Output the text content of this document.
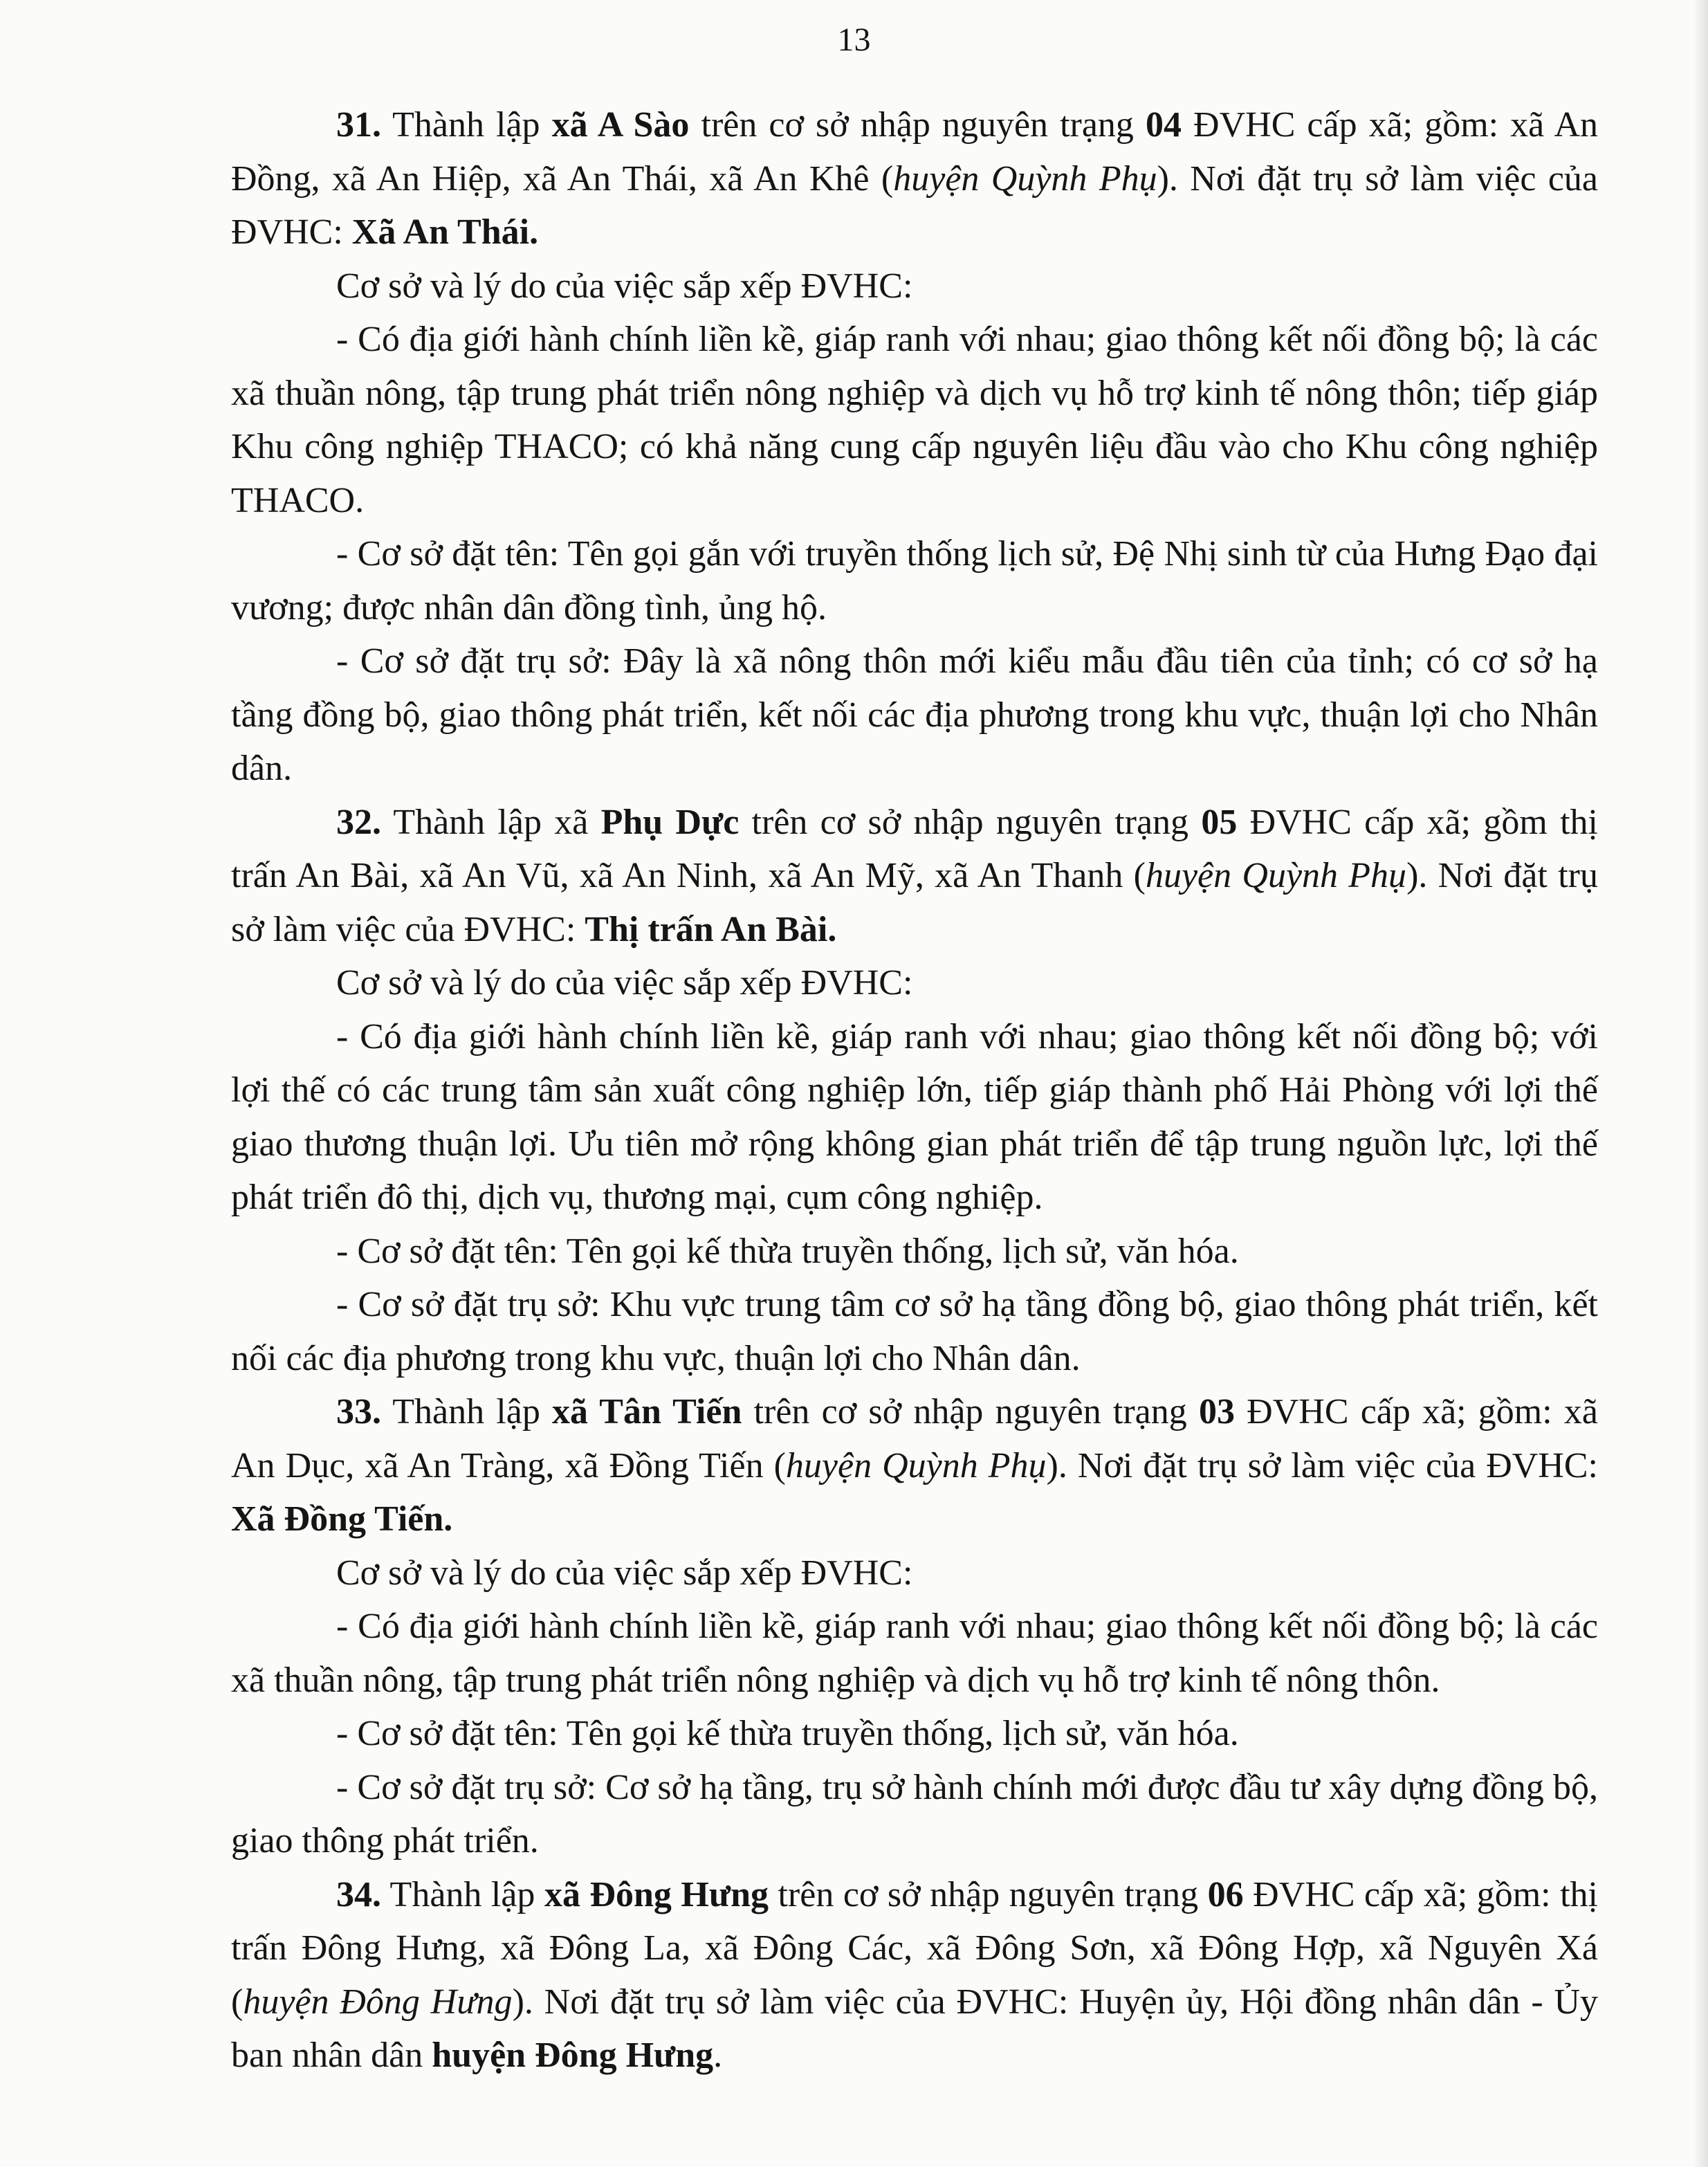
13

31. Thành lập xã A Sào trên cơ sở nhập nguyên trạng 04 ĐVHC cấp xã; gồm: xã An Đồng, xã An Hiệp, xã An Thái, xã An Khê (huyện Quỳnh Phụ). Nơi đặt trụ sở làm việc của ĐVHC: Xã An Thái.

Cơ sở và lý do của việc sắp xếp ĐVHC:

- Có địa giới hành chính liền kề, giáp ranh với nhau; giao thông kết nối đồng bộ; là các xã thuần nông, tập trung phát triển nông nghiệp và dịch vụ hỗ trợ kinh tế nông thôn; tiếp giáp Khu công nghiệp THACO; có khả năng cung cấp nguyên liệu đầu vào cho Khu công nghiệp THACO.

- Cơ sở đặt tên: Tên gọi gắn với truyền thống lịch sử, Đệ Nhị sinh từ của Hưng Đạo đại vương; được nhân dân đồng tình, ủng hộ.

- Cơ sở đặt trụ sở: Đây là xã nông thôn mới kiểu mẫu đầu tiên của tỉnh; có cơ sở hạ tầng đồng bộ, giao thông phát triển, kết nối các địa phương trong khu vực, thuận lợi cho Nhân dân.

32. Thành lập xã Phụ Dực trên cơ sở nhập nguyên trạng 05 ĐVHC cấp xã; gồm thị trấn An Bài, xã An Vũ, xã An Ninh, xã An Mỹ, xã An Thanh (huyện Quỳnh Phụ). Nơi đặt trụ sở làm việc của ĐVHC: Thị trấn An Bài.

Cơ sở và lý do của việc sắp xếp ĐVHC:

- Có địa giới hành chính liền kề, giáp ranh với nhau; giao thông kết nối đồng bộ; với lợi thế có các trung tâm sản xuất công nghiệp lớn, tiếp giáp thành phố Hải Phòng với lợi thế giao thương thuận lợi. Ưu tiên mở rộng không gian phát triển để tập trung nguồn lực, lợi thế phát triển đô thị, dịch vụ, thương mại, cụm công nghiệp.

- Cơ sở đặt tên: Tên gọi kế thừa truyền thống, lịch sử, văn hóa.

- Cơ sở đặt trụ sở: Khu vực trung tâm cơ sở hạ tầng đồng bộ, giao thông phát triển, kết nối các địa phương trong khu vực, thuận lợi cho Nhân dân.

33. Thành lập xã Tân Tiến trên cơ sở nhập nguyên trạng 03 ĐVHC cấp xã; gồm: xã An Dục, xã An Tràng, xã Đồng Tiến (huyện Quỳnh Phụ). Nơi đặt trụ sở làm việc của ĐVHC: Xã Đồng Tiến.

Cơ sở và lý do của việc sắp xếp ĐVHC:

- Có địa giới hành chính liền kề, giáp ranh với nhau; giao thông kết nối đồng bộ; là các xã thuần nông, tập trung phát triển nông nghiệp và dịch vụ hỗ trợ kinh tế nông thôn.

- Cơ sở đặt tên: Tên gọi kế thừa truyền thống, lịch sử, văn hóa.

- Cơ sở đặt trụ sở: Cơ sở hạ tầng, trụ sở hành chính mới được đầu tư xây dựng đồng bộ, giao thông phát triển.

34. Thành lập xã Đông Hưng trên cơ sở nhập nguyên trạng 06 ĐVHC cấp xã; gồm: thị trấn Đông Hưng, xã Đông La, xã Đông Các, xã Đông Sơn, xã Đông Hợp, xã Nguyên Xá (huyện Đông Hưng). Nơi đặt trụ sở làm việc của ĐVHC: Huyện ủy, Hội đồng nhân dân - Ủy ban nhân dân huyện Đông Hưng.
